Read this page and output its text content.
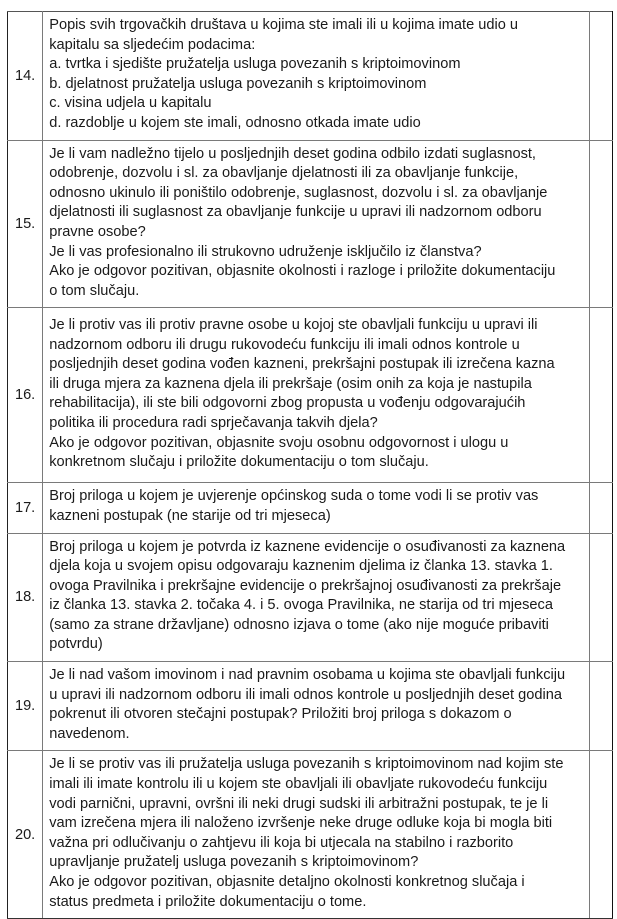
14.	
Popis svih trgovačkih društava u kojima ste imali ili u kojima imate udio u
kapitalu sa sljedećim podacima:
a. tvrtka i sjedište pružatelja usluga povezanih s kriptoimovinom
b. djelatnost pružatelja usluga povezanih s kriptoimovinom
c. visina udjela u kapitalu
d. razdoblje u kojem ste imali, odnosno otkada imate udio

15.	
Je li vam nadležno tijelo u posljednjih deset godina odbilo izdati suglasnost,
odobrenje, dozvolu i sl. za obavljanje djelatnosti ili za obavljanje funkcije,
odnosno ukinulo ili poništilo odobrenje, suglasnost, dozvolu i sl. za obavljanje
djelatnosti ili suglasnost za obavljanje funkcije u upravi ili nadzornom odboru
pravne osobe?
Je li vas profesionalno ili strukovno udruženje isključilo iz članstva?
Ako je odgovor pozitivan, objasnite okolnosti i razloge i priložite dokumentaciju
o tom slučaju.

16.	
Je li protiv vas ili protiv pravne osobe u kojoj ste obavljali funkciju u upravi ili
nadzornom odboru ili drugu rukovodeću funkciju ili imali odnos kontrole u
posljednjih deset godina vođen kazneni, prekršajni postupak ili izrečena kazna
ili druga mjera za kaznena djela ili prekršaje (osim onih za koja je nastupila
rehabilitacija), ili ste bili odgovorni zbog propusta u vođenju odgovarajućih
politika ili procedura radi sprječavanja takvih djela?
Ako je odgovor pozitivan, objasnite svoju osobnu odgovornost i ulogu u
konkretnom slučaju i priložite dokumentaciju o tom slučaju.

17.	Broj priloga u kojem je uvjerenje općinskog suda o tome vodi li se protiv vas
kazneni postupak (ne starije od tri mjeseca)	

18.	
Broj priloga u kojem je potvrda iz kaznene evidencije o osuđivanosti za kaznena
djela koja u svojem opisu odgovaraju kaznenim djelima iz članka 13. stavka 1.
ovoga Pravilnika i prekršajne evidencije o prekršajnoj osuđivanosti za prekršaje
iz članka 13. stavka 2. točaka 4. i 5. ovoga Pravilnika, ne starija od tri mjeseca
(samo za strane državljane) odnosno izjava o tome (ako nije moguće pribaviti
potvrdu)

19.	Je li nad vašom imovinom i nad pravnim osobama u kojima ste obavljali funkciju
u upravi ili nadzornom odboru ili imali odnos kontrole u posljednjih deset godina
pokrenut ili otvoren stečajni postupak? Priložiti broj priloga s dokazom o
navedenom.	

20.	
Je li se protiv vas ili pružatelja usluga povezanih s kriptoimovinom nad kojim ste
imali ili imate kontrolu ili u kojem ste obavljali ili obavljate rukovodeću funkciju
vodi parnični, upravni, ovršni ili neki drugi sudski ili arbitražni postupak, te je li
vam izrečena mjera ili naloženo izvršenje neke druge odluke koja bi mogla biti
važna pri odlučivanju o zahtjevu ili koja bi utjecala na stabilno i razborito
upravljanje pružatelj usluga povezanih s kriptoimovinom?
Ako je odgovor pozitivan, objasnite detaljno okolnosti konkretnog slučaja i
status predmeta i priložite dokumentaciju o tome.
